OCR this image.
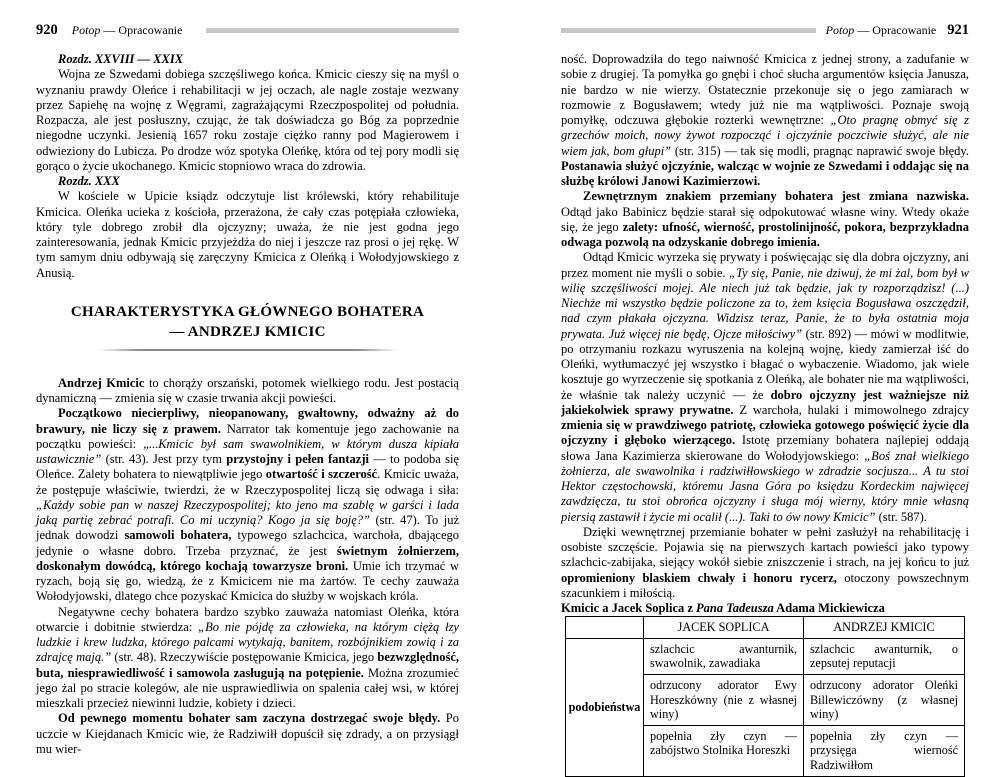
920 Potop — Opracowanie

Rozdz. XXVIII — XXIX

Wojna ze Szwedami dobiega szczęśliwego końca. Kmicic cieszy się na myśl o wyznaniu prawdy Oleńce i rehabilitacji w jej oczach, ale nagle zostaje wezwany przez Sapiehę na wojnę z Węgrami, zagrażającymi Rzeczpospolitej od południa. Rozpacza, ale jest posłuszny, czując, że tak doświadcza go Bóg za poprzednie niegodne uczynki. Jesienią 1657 roku zostaje ciężko ranny pod Magierowem i odwieziony do Lubicza. Po drodze wóz spotyka Oleńkę, która od tej pory modli się gorąco o życie ukochanego. Kmicic stopniowo wraca do zdrowia.

Rozdz. XXX

W kościele w Upicie ksiądz odczytuje list królewski, który rehabilituje Kmicica. Oleńka ucieka z kościoła, przerażona, że cały czas potępiała człowieka, który tyle dobrego zrobił dla ojczyzny; uważa, że nie jest godna jego zainteresowania, jednak Kmicic przyjeżdża do niej i jeszcze raz prosi o jej rękę. W tym samym dniu odbywają się zaręczyny Kmicica z Oleńką i Wołodyjowskiego z Anusią.

CHARAKTERYSTYKA GŁÓWNEGO BOHATERA
— ANDRZEJ KMICIC

Andrzej Kmicic to chorąży orszański, potomek wielkiego rodu. Jest postacią dynamiczną — zmienia się w czasie trwania akcji powieści.

Początkowo niecierpliwy, nieopanowany, gwałtowny, odważny aż do brawury, nie liczy się z prawem. Narrator tak komentuje jego zachowanie na początku powieści: „...Kmicic był sam swawolnikiem, w którym dusza kipiała ustawicznie” (str. 43). Jest przy tym przystojny i pełen fantazji — to podoba się Oleńce. Zalety bohatera to niewątpliwie jego otwartość i szczerość. Kmicic uważa, że postępuje właściwie, twierdzi, że w Rzeczypospolitej liczą się odwaga i siła: „Każdy sobie pan w naszej Rzeczypospolitej; kto jeno ma szablę w garści i lada jaką partię zebrać potrafi. Co mi uczynią? Kogo ja się boję?” (str. 47). To już jednak dowodzi samowoli bohatera, typowego szlachcica, warchoła, dbającego jedynie o własne dobro. Trzeba przyznać, że jest świetnym żołnierzem, doskonałym dowódcą, którego kochają towarzysze broni. Umie ich trzymać w ryzach, boją się go, wiedzą, że z Kmicicem nie ma żartów. Te cechy zauważa Wołodyjowski, dlatego chce pozyskać Kmicica do służby w wojskach króla.

Negatywne cechy bohatera bardzo szybko zauważa natomiast Oleńka, która otwarcie i dobitnie stwierdza: „Bo nie pójdę za człowieka, na którym ciężą łzy ludzkie i krew ludzka, którego palcami wytykają, banitem, rozbójnikiem zowią i za zdrajcę mają.” (str. 48). Rzeczywiście postępowanie Kmicica, jego bezwzględność, buta, niesprawiedliwość i samowola zasługują na potępienie. Można zrozumieć jego żal po stracie kolegów, ale nie usprawiedliwia on spalenia całej wsi, w której mieszkali przecież niewinni ludzie, kobiety i dzieci.

Od pewnego momentu bohater sam zaczyna dostrzegać swoje błędy. Po uczcie w Kiejdanach Kmicic wie, że Radziwiłł dopuścił się zdrady, a on przysiągł mu wier-

Potop — Opracowanie 921

ność. Doprowadziła do tego naiwność Kmicica z jednej strony, a zadufanie w sobie z drugiej. Ta pomyłka go gnębi i choć słucha argumentów księcia Janusza, nie bardzo w nie wierzy. Ostatecznie przekonuje się o jego zamiarach w rozmowie z Bogusławem; wtedy już nie ma wątpliwości. Poznaje swoją pomyłkę, odczuwa głębokie rozterki wewnętrzne: „Oto pragnę obmyć się z grzechów moich, nowy żywot rozpocząć i ojczyźnie poczciwie służyć, ale nie wiem jak, bom głupi” (str. 315) — tak się modli, pragnąc naprawić swoje błędy. Postanawia służyć ojczyźnie, walcząc w wojnie ze Szwedami i oddając się na służbę królowi Janowi Kazimierzowi.

Zewnętrznym znakiem przemiany bohatera jest zmiana nazwiska. Odtąd jako Babinicz będzie starał się odpokutować własne winy. Wtedy okaże się, że jego zalety: ufność, wierność, prostolinijność, pokora, bezprzykładna odwaga pozwolą na odzyskanie dobrego imienia.

Odtąd Kmicic wyrzeka się prywaty i poświęcając się dla dobra ojczyzny, ani przez moment nie myśli o sobie. „Ty się, Panie, nie dziwuj, że mi żal, bom był w wilię szczęśliwości mojej. Ale niech już tak będzie, jak ty rozporządzisz! (...) Niechże mi wszystko będzie policzone za to, żem księcia Bogusława oszczędził, nad czym płakała ojczyzna. Widzisz teraz, Panie, że to była ostatnia moja prywata. Już więcej nie będę, Ojcze miłościwy” (str. 892) — mówi w modlitwie, po otrzymaniu rozkazu wyruszenia na kolejną wojnę, kiedy zamierzał iść do Oleńki, wytłumaczyć jej wszystko i błagać o wybaczenie. Wiadomo, jak wiele kosztuje go wyrzeczenie się spotkania z Oleńką, ale bohater nie ma wątpliwości, że właśnie tak należy uczynić — że dobro ojczyzny jest ważniejsze niż jakiekolwiek sprawy prywatne. Z warchoła, hulaki i mimowolnego zdrajcy zmienia się w prawdziwego patriotę, człowieka gotowego poświęcić życie dla ojczyzny i głęboko wierzącego. Istotę przemiany bohatera najlepiej oddają słowa Jana Kazimierza skierowane do Wołodyjowskiego: „Boś znał wielkiego żołnierza, ale swawolnika i radziwiłłowskiego w zdradzie socjusza... A tu stoi Hektor częstochowski, któremu Jasna Góra po księdzu Kordeckim najwięcej zawdzięcza, tu stoi obrońca ojczyzny i sługa mój wierny, który mnie własną piersią zastawił i życie mi ocalił (...). Taki to ów nowy Kmicic” (str. 587).

Dzięki wewnętrznej przemianie bohater w pełni zasłużył na rehabilitację i osobiste szczęście. Pojawia się na pierwszych kartach powieści jako typowy szlachcic-zabijaka, siejący wokół siebie zniszczenie i strach, na jej końcu to już opromieniony blaskiem chwały i honoru rycerz, otoczony powszechnym szacunkiem i miłością.

Kmicic a Jacek Soplica z Pana Tadeusza Adama Mickiewicza

	JACEK SOPLICA	ANDRZEJ KMICIC
podobieństwa	szlachcic awanturnik, swawolnik, zawadiaka	szlachcic awanturnik, o zepsutej reputacji
	odrzucony adorator Ewy Horeszkówny (nie z własnej winy)	odrzucony adorator Oleńki Billewiczówny (z własnej winy)
	popełnia zły czyn — zabójstwo Stolnika Horeszki	popełnia zły czyn — przysięga wierność Radziwiłłom
